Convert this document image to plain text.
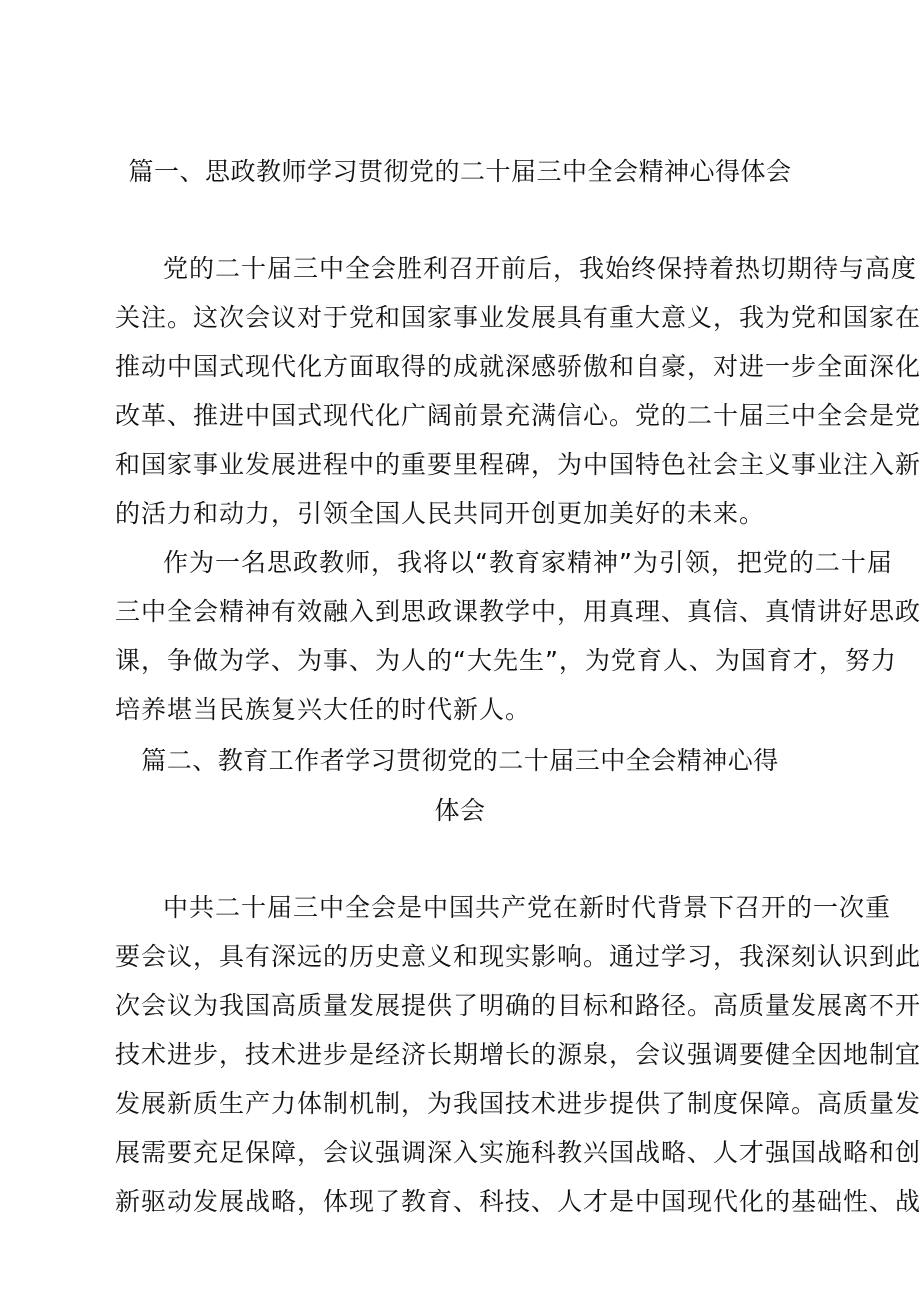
篇一、思政教师学习贯彻党的二十届三中全会精神心得体会
党的二十届三中全会胜利召开前后，我始终保持着热切期待与高度
关注。这次会议对于党和国家事业发展具有重大意义，我为党和国家在
推动中国式现代化方面取得的成就深感骄傲和自豪，对进一步全面深化
改革、推进中国式现代化广阔前景充满信心。党的二十届三中全会是党
和国家事业发展进程中的重要里程碑，为中国特色社会主义事业注入新
的活力和动力，引领全国人民共同开创更加美好的未来。
作为一名思政教师，我将以“教育家精神”为引领，把党的二十届
三中全会精神有效融入到思政课教学中，用真理、真信、真情讲好思政
课，争做为学、为事、为人的“大先生”，为党育人、为国育才，努力
培养堪当民族复兴大任的时代新人。
篇二、教育工作者学习贯彻党的二十届三中全会精神心得
体会
中共二十届三中全会是中国共产党在新时代背景下召开的一次重
要会议，具有深远的历史意义和现实影响。通过学习，我深刻认识到此
次会议为我国高质量发展提供了明确的目标和路径。高质量发展离不开
技术进步，技术进步是经济长期增长的源泉，会议强调要健全因地制宜
发展新质生产力体制机制，为我国技术进步提供了制度保障。高质量发
展需要充足保障，会议强调深入实施科教兴国战略、人才强国战略和创
新驱动发展战略，体现了教育、科技、人才是中国现代化的基础性、战
